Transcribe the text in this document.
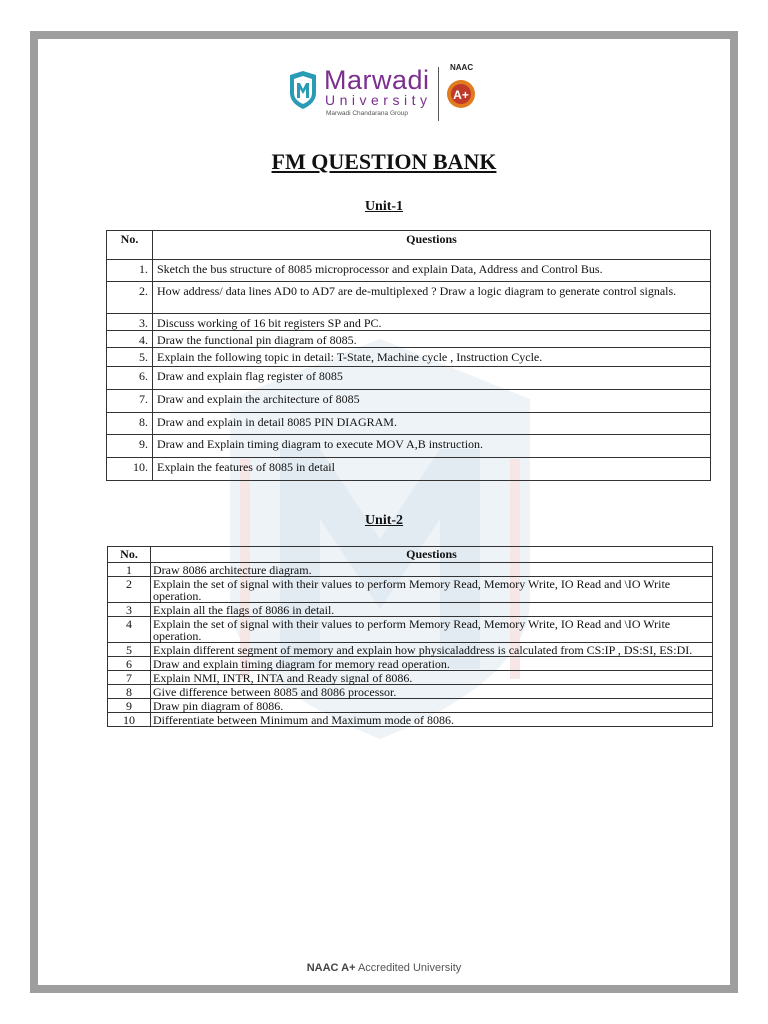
Marwadi
University
Marwadi Chandarana Group
NAAC
A+
FM QUESTION BANK
Unit-1
No.	Questions
1.	Sketch the bus structure of 8085 microprocessor and explain Data, Address and Control Bus.
2.	How address/ data lines AD0 to AD7 are de-multiplexed ? Draw a logic diagram to generate control signals.
3.	Discuss working of 16 bit registers SP and PC.
4.	Draw the functional pin diagram of 8085.
5.	Explain the following topic in detail: T-State, Machine cycle , Instruction Cycle.
6.	Draw and explain flag register of 8085
7.	Draw and explain the architecture of 8085
8.	Draw and explain in detail 8085 PIN DIAGRAM.
9.	Draw and Explain timing diagram to execute MOV A,B instruction.
10.	Explain the features of 8085 in detail
Unit-2
No.	Questions
1	Draw 8086 architecture diagram.
2	Explain the set of signal with their values to perform Memory Read, Memory Write, IO Read and \IO Write operation.
3	Explain all the flags of 8086 in detail.
4	Explain the set of signal with their values to perform Memory Read, Memory Write, IO Read and \IO Write operation.
5	Explain different segment of memory and explain how physicaladdress is calculated from CS:IP , DS:SI, ES:DI.
6	Draw and explain timing diagram for memory read operation.
7	Explain NMI, INTR, INTA and Ready signal of 8086.
8	Give difference between 8085 and 8086 processor.
9	Draw pin diagram of 8086.
10	Differentiate between Minimum and Maximum mode of 8086.
NAAC A+ Accredited University
